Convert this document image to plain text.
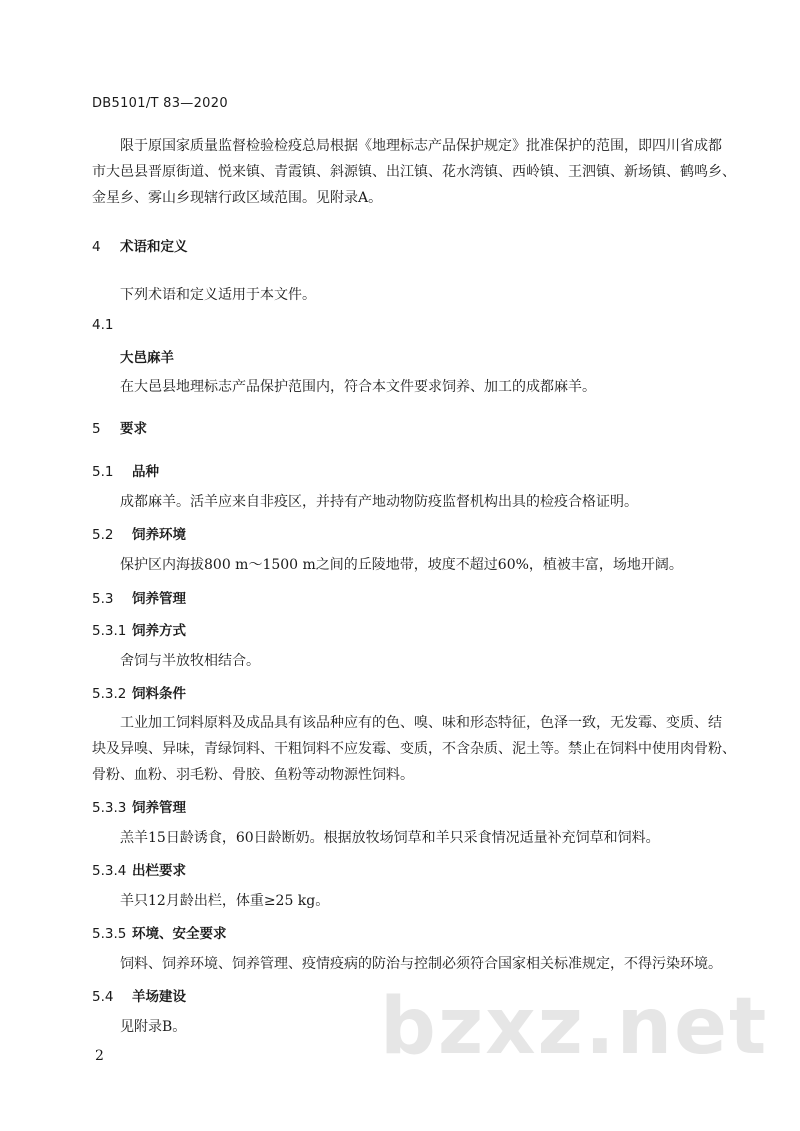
DB5101/T 83—2020
限于原国家质量监督检验检疫总局根据《地理标志产品保护规定》批准保护的范围，即四川省成都
市大邑县晋原街道、悦来镇、青霞镇、斜源镇、出江镇、花水湾镇、西岭镇、王泗镇、新场镇、鹤鸣乡、
金星乡、雾山乡现辖行政区域范围。见附录A。
4 术语和定义
下列术语和定义适用于本文件。
4.1
大邑麻羊
在大邑县地理标志产品保护范围内，符合本文件要求饲养、加工的成都麻羊。
5 要求
5.1 品种
成都麻羊。活羊应来自非疫区，并持有产地动物防疫监督机构出具的检疫合格证明。
5.2 饲养环境
保护区内海拔800 m～1500 m之间的丘陵地带，坡度不超过60%，植被丰富，场地开阔。
5.3 饲养管理
5.3.1 饲养方式
舍饲与半放牧相结合。
5.3.2 饲料条件
工业加工饲料原料及成品具有该品种应有的色、嗅、味和形态特征，色泽一致，无发霉、变质、结
块及异嗅、异味，青绿饲料、干粗饲料不应发霉、变质，不含杂质、泥土等。禁止在饲料中使用肉骨粉、
骨粉、血粉、羽毛粉、骨胶、鱼粉等动物源性饲料。
5.3.3 饲养管理
羔羊15日龄诱食，60日龄断奶。根据放牧场饲草和羊只采食情况适量补充饲草和饲料。
5.3.4 出栏要求
羊只12月龄出栏，体重≥25 kg。
5.3.5 环境、安全要求
饲料、饲养环境、饲养管理、疫情疫病的防治与控制必须符合国家相关标准规定，不得污染环境。
5.4 羊场建设
见附录B。 bzxz.net
2
